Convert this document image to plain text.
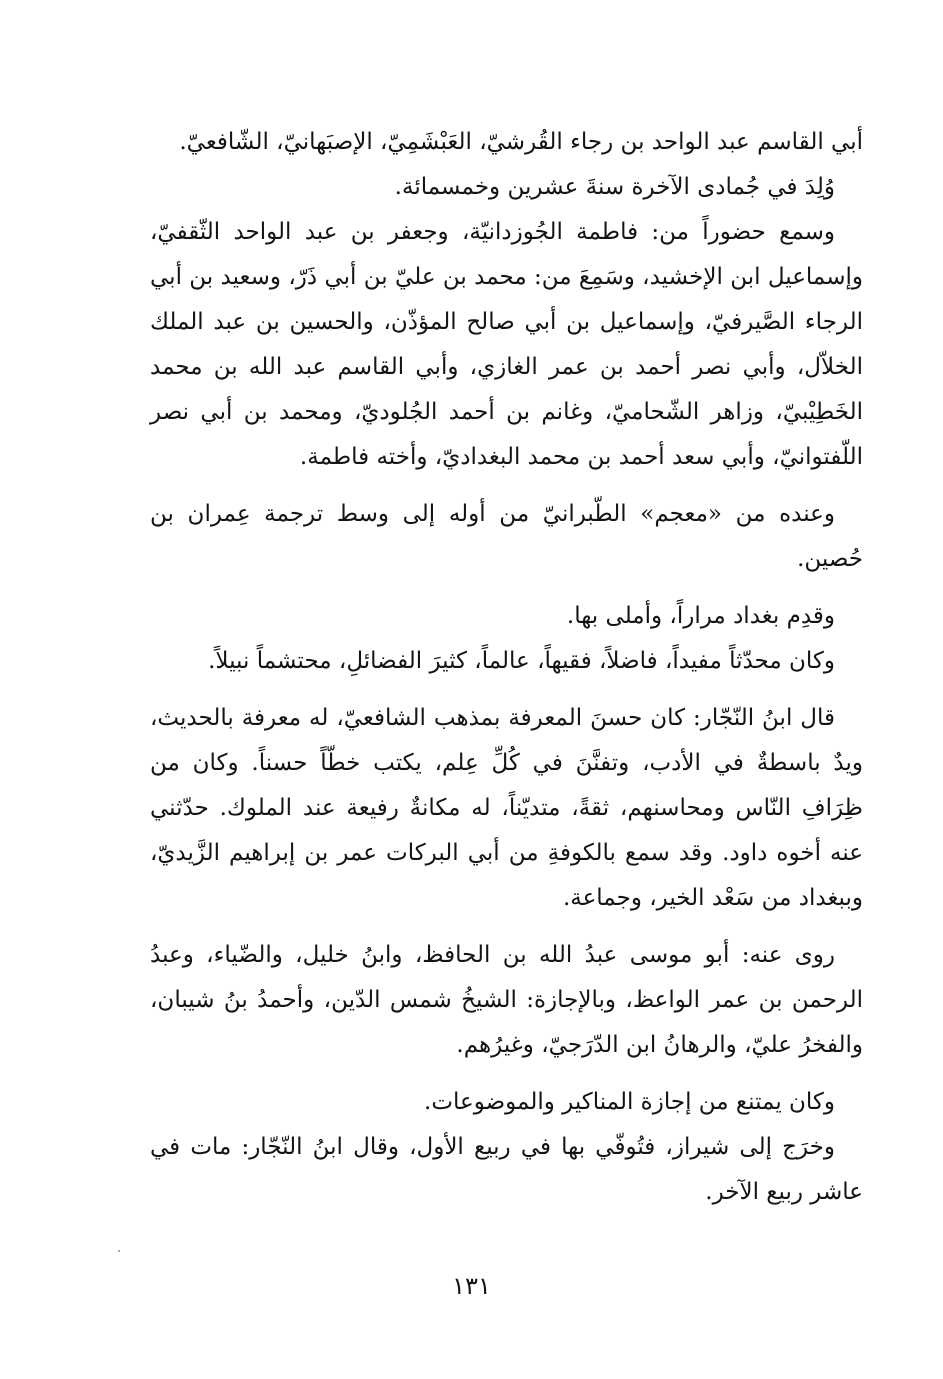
أبي القاسم عبد الواحد بن رجاء القُرشيّ، العَبْشَمِيّ، الإصبَهانيّ، الشّافعيّ.

وُلِدَ في جُمادى الآخرة سنةَ عشرين وخمسمائة.

وسمع حضوراً من: فاطمة الجُوزدانيّة، وجعفر بن عبد الواحد الثّقفيّ، وإسماعيل ابن الإخشيد، وسَمِعَ من: محمد بن عليّ بن أبي ذَرّ، وسعيد بن أبي الرجاء الصَّيرفيّ، وإسماعيل بن أبي صالح المؤذّن، والحسين بن عبد الملك الخلاّل، وأبي نصر أحمد بن عمر الغازي، وأبي القاسم عبد الله بن محمد الخَطِيْبيّ، وزاهر الشّحاميّ، وغانم بن أحمد الجُلوديّ، ومحمد بن أبي نصر اللّفتوانيّ، وأبي سعد أحمد بن محمد البغداديّ، وأخته فاطمة.

وعنده من «معجم» الطّبرانيّ من أوله إلى وسط ترجمة عِمران بن حُصين.

وقدِم بغداد مراراً، وأملى بها.

وكان محدّثاً مفيداً، فاضلاً، فقيهاً، عالماً، كثيرَ الفضائلِ، محتشماً نبيلاً.

قال ابنُ النّجّار: كان حسنَ المعرفة بمذهب الشافعيّ، له معرفة بالحديث، ويدٌ باسطةٌ في الأدب، وتفنَّنَ في كُلِّ عِلم، يكتب خطّاً حسناً. وكان من ظِرَافِ النّاس ومحاسنهم، ثقةً، متديّناً، له مكانةٌ رفيعة عند الملوك. حدّثني عنه أخوه داود. وقد سمع بالكوفةِ من أبي البركات عمر بن إبراهيم الزَّيديّ، وببغداد من سَعْد الخير، وجماعة.

روى عنه: أبو موسى عبدُ الله بن الحافظ، وابنُ خليل، والضّياء، وعبدُ الرحمن بن عمر الواعظ، وبالإجازة: الشيخُ شمس الدّين، وأحمدُ بنُ شيبان، والفخرُ عليّ، والرهانُ ابن الدّرَجيّ، وغيرُهم.

وكان يمتنع من إجازة المناكير والموضوعات.

وخرَج إلى شيراز، فتُوفّي بها في ربيع الأول، وقال ابنُ النّجّار: مات في عاشر ربيع الآخر.

١٣١
